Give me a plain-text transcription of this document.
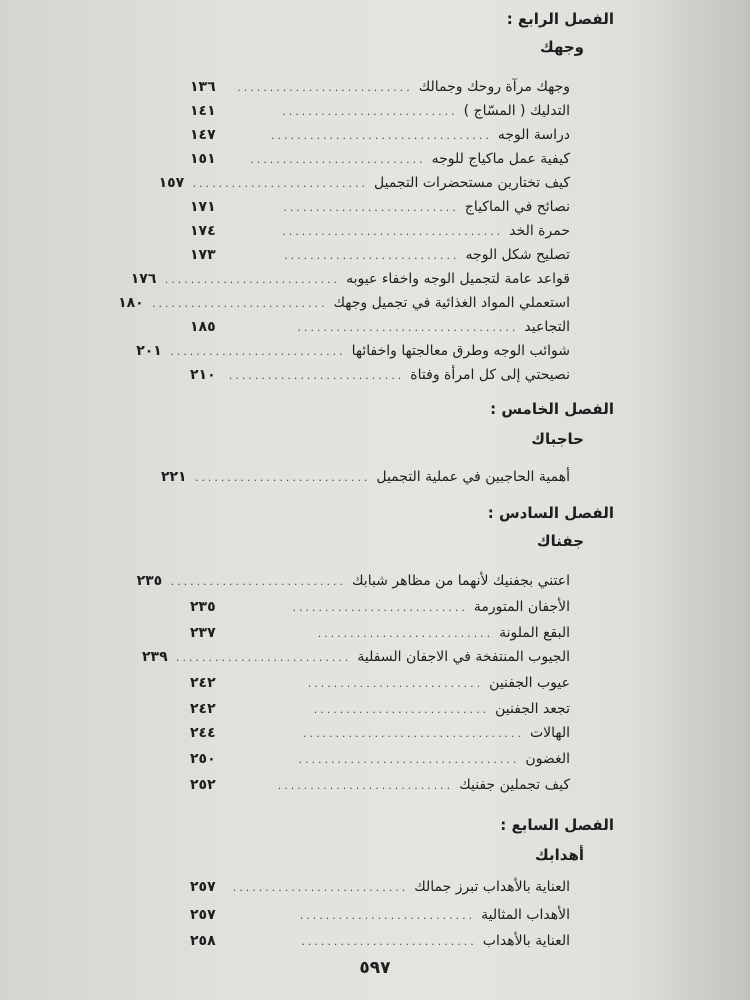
الفصل الرابع :
وجهك
وجهك مرآة روحك وجمالك
...........................
١٣٦
التدليك ( المسّاج )
...........................
١٤١
دراسة الوجه
..................................
١٤٧
كيفية عمل ماكياج للوجه
...........................
١٥١
كيف تختارين مستحضرات التجميل
...........................
١٥٧
نصائح في الماكياج
...........................
١٧١
حمرة الخد
..................................
١٧٤
تصليح شكل الوجه
...........................
١٧٣
قواعد عامة لتجميل الوجه واخفاء عيوبه
...........................
١٧٦
استعملي المواد الغذائية في تجميل وجهك
...........................
١٨٠
التجاعيد
..................................
١٨٥
شوائب الوجه وطرق معالجتها واخفائها
...........................
٢٠١
نصيحتي إلى كل امرأة وفتاة
...........................
٢١٠
الفصل الخامس :
حاجباك
أهمية الحاجبين في عملية التجميل
...........................
٢٢١
الفصل السادس :
جفناك
اعتني بجفنيك لأنهما من مظاهر شبابك
...........................
٢٣٥
الأجفان المتورمة
...........................
٢٣٥
البقع الملونة
...........................
٢٣٧
الجيوب المنتفخة في الاجفان السفلية
...........................
٢٣٩
عيوب الجفنين
...........................
٢٤٢
تجعد الجفنين
...........................
٢٤٢
الهالات
..................................
٢٤٤
الغضون
..................................
٢٥٠
كيف تجملين جفنيك
...........................
٢٥٢
الفصل السابع :
أهدابك
العناية بالأهداب تبرز جمالك
...........................
٢٥٧
الأهداب المثالية
...........................
٢٥٧
العناية بالأهداب
...........................
٢٥٨
٥٩٧
